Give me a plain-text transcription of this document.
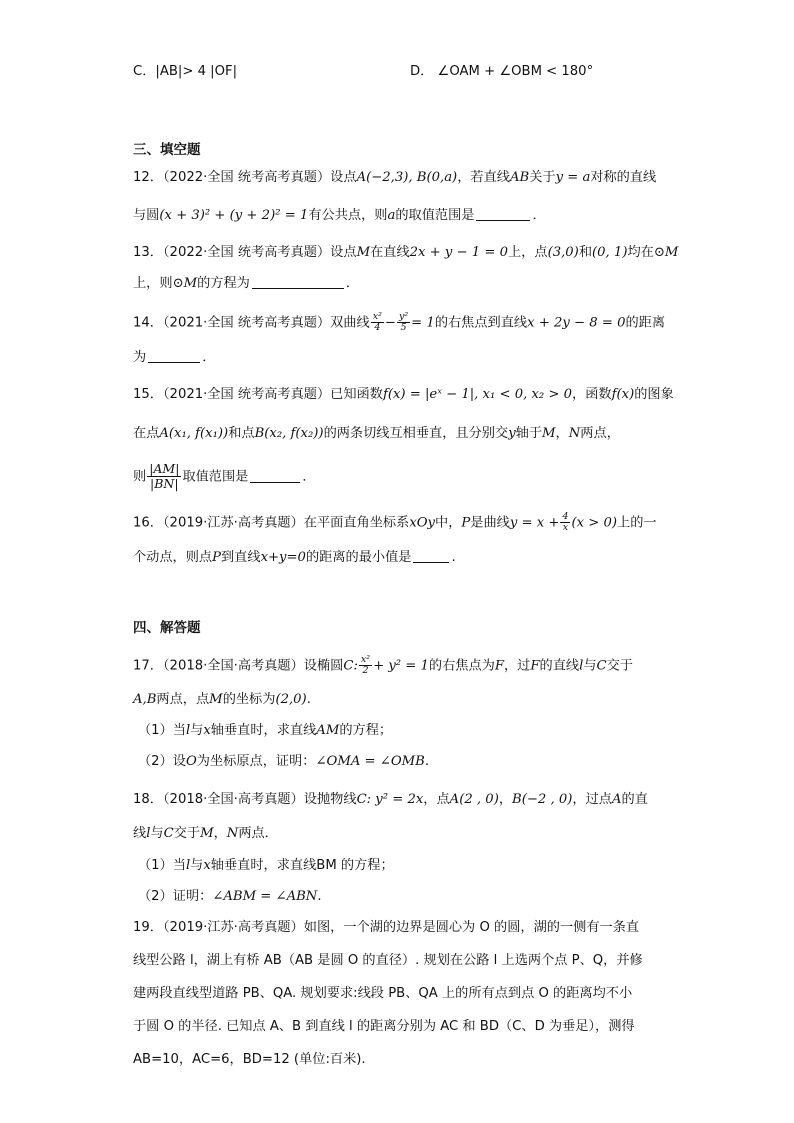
C．|AB|> 4 |OF|	D． ∠OAM + ∠OBM < 180°
三、填空题
12．（2022·全国 统考高考真题）设点A(−2,3), B(0,a)，若直线AB关于y = a对称的直线
与圆(x + 3)² + (y + 2)² = 1有公共点，则a的取值范围是	．
13．（2022·全国 统考高考真题）设点M在直线2x + y − 1 = 0上，点(3,0)和(0, 1)均在⊙M
上，则⊙M的方程为	．
14．（2021·全国 统考高考真题）双曲线 $\frac{\text{x²}}{4} - \frac{\text{y²}}{5} = 1$的右焦点到直线x + 2y − 8 = 0的距离
为	．
15．（2021·全国 统考高考真题）已知函数f(x) = |eˣ − 1|, x₁ < 0, x₂ > 0，函数f(x)的图象
在点A(x₁, f(x₁))和点B(x₂, f(x₂))的两条切线互相垂直，且分别交y轴于M，N两点，
则 $\frac{|AM|}{|BN|}$ 取值范围是	．
16．（2019·江苏·高考真题）在平面直角坐标系xOy中，P是曲线$y = x + \frac{4}{x} (x > 0)$上的一
个动点，则点P到直线x+y=0的距离的最小值是	.
四、解答题
17．（2018·全国·高考真题）设椭圆C: $\frac{\text{x²}}{2} + y^2 = 1$的右焦点为F，过F的直线l与C交于
A,B两点，点M的坐标为(2,0).
（1）当l与x轴垂直时，求直线AM的方程；
（2）设O为坐标原点，证明：∠OMA = ∠OMB.
18．（2018·全国·高考真题）设抛物线C: y² = 2x，点A(2 , 0)，B(−2 , 0)，过点A的直
线l与C交于M，N两点．
（1）当l与x轴垂直时，求直线BM 的方程；
（2）证明：∠ABM = ∠ABN.
19．（2019·江苏·高考真题）如图，一个湖的边界是圆心为 O 的圆，湖的一侧有一条直
线型公路 l，湖上有桥 AB（AB 是圆 O 的直径）. 规划在公路 l 上选两个点 P、Q，并修
建两段直线型道路 PB、QA. 规划要求:线段 PB、QA 上的所有点到点 O 的距离均不小
于圆 O 的半径. 已知点 A、B 到直线 l 的距离分别为 AC 和 BD（C、D 为垂足），测得
AB=10，AC=6，BD=12 (单位:百米).
